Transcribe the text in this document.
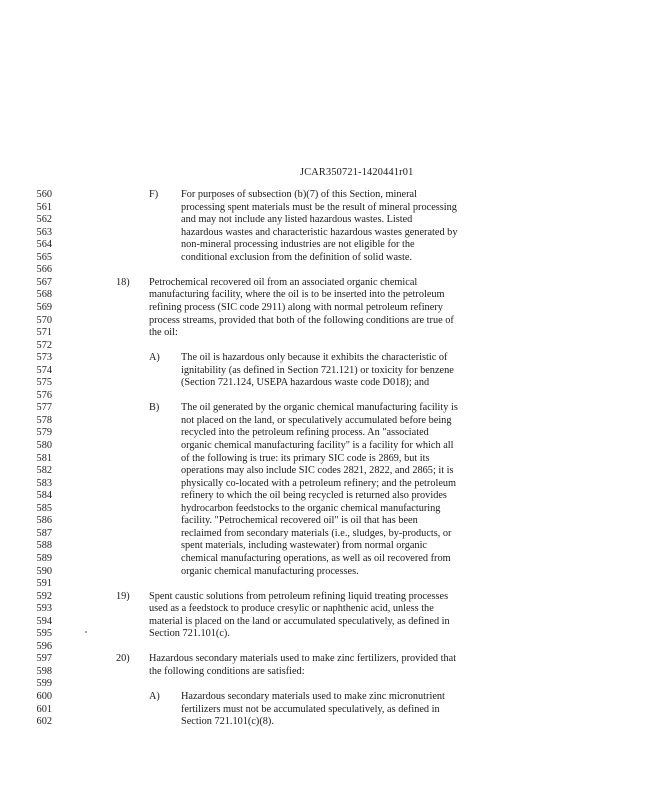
JCAR350721-1420441r01
560
561
562
563
564
565
566
567
568
569
570
571
572
573
574
575
576
577
578
579
580
581
582
583
584
585
586
587
588
589
590
591
592
593
594
595
596
597
598
599
600
601
602
F) For purposes of subsection (b)(7) of this Section, mineral
processing spent materials must be the result of mineral processing
and may not include any listed hazardous wastes. Listed
hazardous wastes and characteristic hazardous wastes generated by
non-mineral processing industries are not eligible for the
conditional exclusion from the definition of solid waste.
18) Petrochemical recovered oil from an associated organic chemical
manufacturing facility, where the oil is to be inserted into the petroleum
refining process (SIC code 2911) along with normal petroleum refinery
process streams, provided that both of the following conditions are true of
the oil:
A) The oil is hazardous only because it exhibits the characteristic of
ignitability (as defined in Section 721.121) or toxicity for benzene
(Section 721.124, USEPA hazardous waste code D018); and
B) The oil generated by the organic chemical manufacturing facility is
not placed on the land, or speculatively accumulated before being
recycled into the petroleum refining process. An "associated
organic chemical manufacturing facility" is a facility for which all
of the following is true: its primary SIC code is 2869, but its
operations may also include SIC codes 2821, 2822, and 2865; it is
physically co-located with a petroleum refinery; and the petroleum
refinery to which the oil being recycled is returned also provides
hydrocarbon feedstocks to the organic chemical manufacturing
facility. "Petrochemical recovered oil" is oil that has been
reclaimed from secondary materials (i.e., sludges, by-products, or
spent materials, including wastewater) from normal organic
chemical manufacturing operations, as well as oil recovered from
organic chemical manufacturing processes.
19) Spent caustic solutions from petroleum refining liquid treating processes
used as a feedstock to produce cresylic or naphthenic acid, unless the
material is placed on the land or accumulated speculatively, as defined in
Section 721.101(c).
20) Hazardous secondary materials used to make zinc fertilizers, provided that
the following conditions are satisfied:
A) Hazardous secondary materials used to make zinc micronutrient
fertilizers must not be accumulated speculatively, as defined in
Section 721.101(c)(8).
